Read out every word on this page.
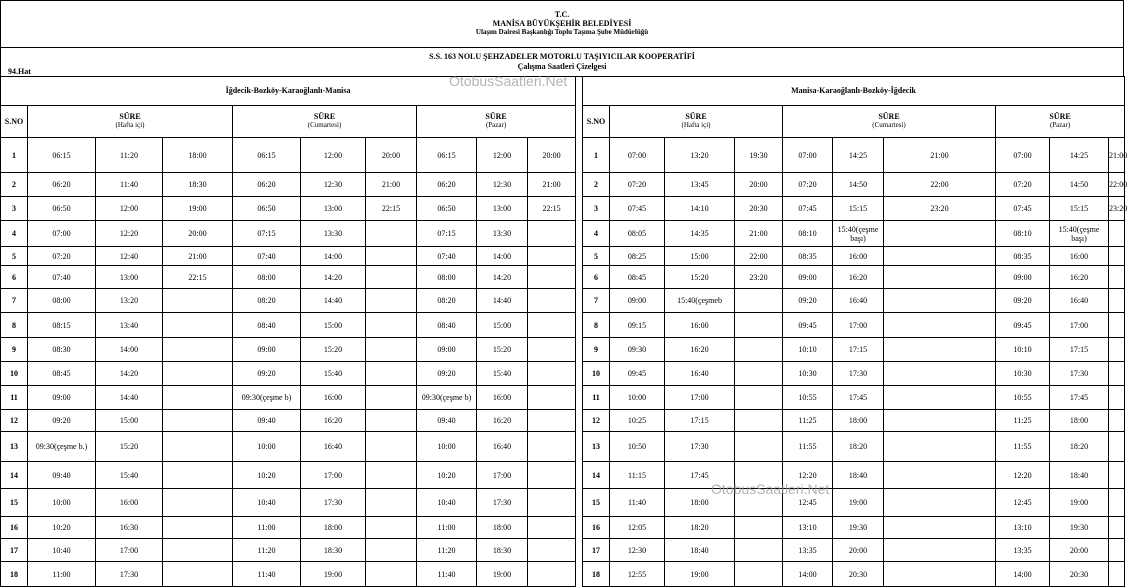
T.C.
MANİSA BÜYÜKŞEHİR BELEDİYESİ
Ulaşım Dairesi Başkanlığı Toplu Taşıma Şube Müdürlüğü
S.S. 163 NOLU ŞEHZADELER MOTORLU TAŞIYICILAR KOOPERATİFİ
Çalışma Saatleri Çizelgesi
94.Hat
İğdecik-Bozköy-Karaoğlanlı-Manisa									
S.NO	SÜRE
(Hafta içi)			SÜRE
(Cumartesi)			SÜRE
(Pazar)		

1	06:15	11:20	18:00	06:15	12:00	20:00	06:15	12:00	20:00
2	06:20	11:40	18:30	06:20	12:30	21:00	06:20	12:30	21:00
3	06:50	12:00	19:00	06:50	13:00	22:15	06:50	13:00	22:15
4	07:00	12:20	20:00	07:15	13:30		07:15	13:30	
5	07:20	12:40	21:00	07:40	14:00		07:40	14:00	
6	07:40	13:00	22:15	08:00	14:20		08:00	14:20	
7	08:00	13:20		08:20	14:40		08:20	14:40	
8	08:15	13:40		08:40	15:00		08:40	15:00	
9	08:30	14:00		09:00	15:20		09:00	15:20	
10	08:45	14:20		09:20	15:40		09:20	15:40	
11	09:00	14:40		09:30(çeşme b)	16:00		09:30(çeşme b)	16:00	
12	09:20	15:00		09:40	16:20		09:40	16:20	
13	09:30(çeşme b.)	15:20		10:00	16:40		10:00	16:40	
14	09:40	15:40		10:20	17:00		10:20	17:00	
15	10:00	16:00		10:40	17:30		10:40	17:30	
16	10:20	16:30		11:00	18:00		11:00	18:00	
17	10:40	17:00		11:20	18:30		11:20	18:30	
18	11:00	17:30		11:40	19:00		11:40	19:00	
Manisa-Karaoğlanlı-Bozköy-İğdecik									
S.NO	SÜRE
(Hafta içi)			SÜRE
(Cumartesi)			SÜRE
(Pazar)		

1	07:00	13:20	19:30	07:00	14:25	21:00	07:00	14:25	21:00
2	07:20	13:45	20:00	07:20	14:50	22:00	07:20	14:50	22:00
3	07:45	14:10	20:30	07:45	15:15	23:20	07:45	15:15	23:20
4	08:05	14:35	21:00	08:10	15:40(çeşme başı)		08:10	15:40(çeşme başı)	
5	08:25	15:00	22:00	08:35	16:00		08:35	16:00	
6	08:45	15:20	23:20	09:00	16:20		09:00	16:20	
7	09:00	15:40(çeşmeb		09:20	16:40		09:20	16:40	
8	09:15	16:00		09:45	17:00		09:45	17:00	
9	09:30	16:20		10:10	17:15		10:10	17:15	
10	09:45	16:40		10:30	17:30		10:30	17:30	
11	10:00	17:00		10:55	17:45		10:55	17:45	
12	10:25	17:15		11:25	18:00		11:25	18:00	
13	10:50	17:30		11:55	18:20		11:55	18:20	
14	11:15	17:45		12:20	18:40		12:20	18:40	
15	11:40	18:00		12:45	19:00		12:45	19:00	
16	12:05	18:20		13:10	19:30		13:10	19:30	
17	12:30	18:40		13:35	20:00		13:35	20:00	
18	12:55	19:00		14:00	20:30		14:00	20:30	
OtobusSaatleri.Net
OtobusSaatleri.Net
